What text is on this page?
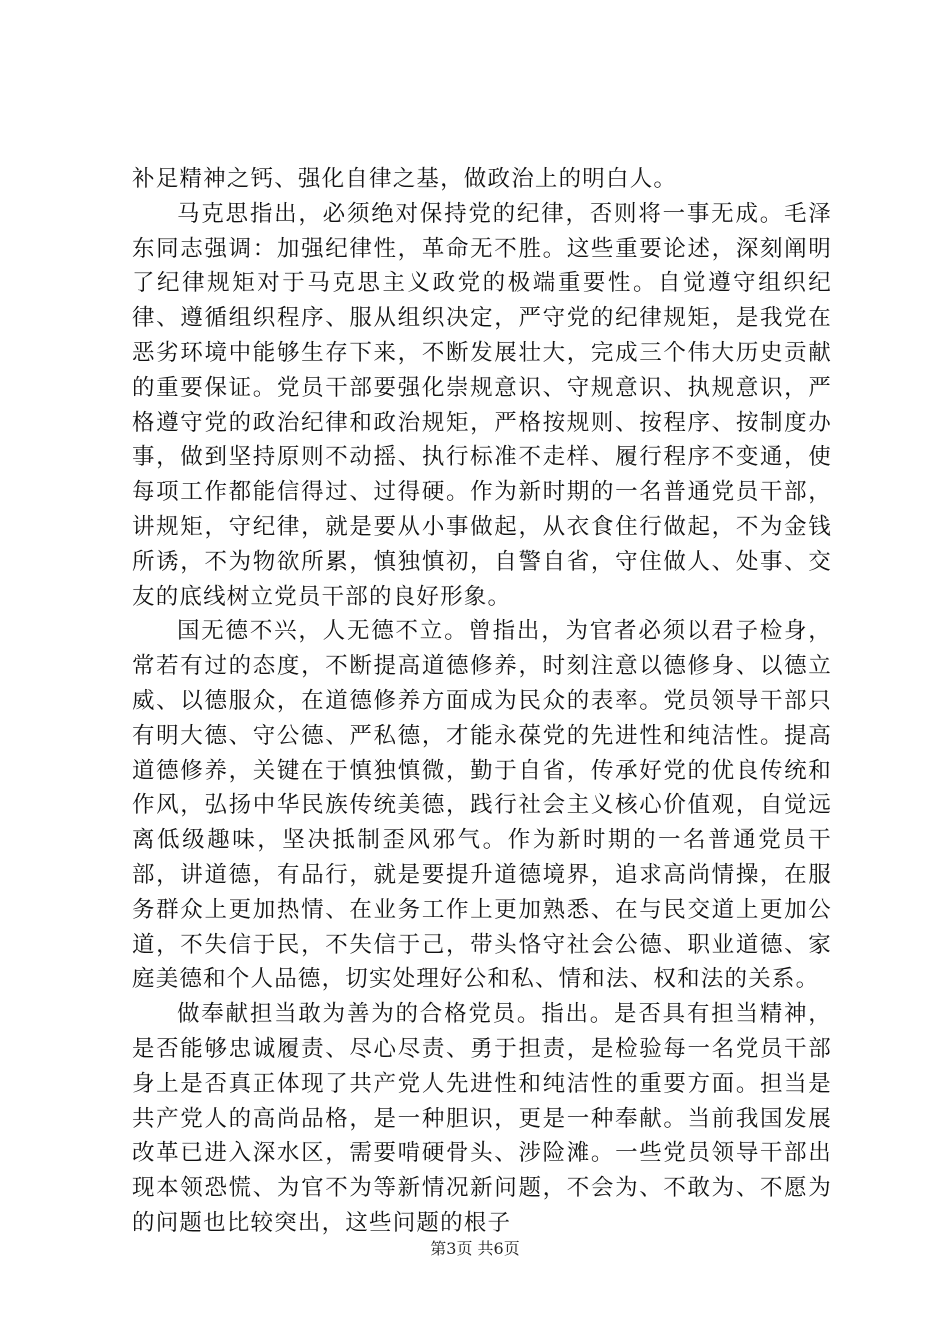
补足精神之钙、强化自律之基，做政治上的明白人。

马克思指出，必须绝对保持党的纪律，否则将一事无成。毛泽东同志强调：加强纪律性，革命无不胜。这些重要论述，深刻阐明了纪律规矩对于马克思主义政党的极端重要性。自觉遵守组织纪律、遵循组织程序、服从组织决定，严守党的纪律规矩，是我党在恶劣环境中能够生存下来，不断发展壮大，完成三个伟大历史贡献的重要保证。党员干部要强化崇规意识、守规意识、执规意识，严格遵守党的政治纪律和政治规矩，严格按规则、按程序、按制度办事，做到坚持原则不动摇、执行标准不走样、履行程序不变通，使每项工作都能信得过、过得硬。作为新时期的一名普通党员干部，讲规矩，守纪律，就是要从小事做起，从衣食住行做起，不为金钱所诱，不为物欲所累，慎独慎初，自警自省，守住做人、处事、交友的底线树立党员干部的良好形象。

国无德不兴，人无德不立。曾指出，为官者必须以君子检身，常若有过的态度，不断提高道德修养，时刻注意以德修身、以德立威、以德服众，在道德修养方面成为民众的表率。党员领导干部只有明大德、守公德、严私德，才能永葆党的先进性和纯洁性。提高道德修养，关键在于慎独慎微，勤于自省，传承好党的优良传统和作风，弘扬中华民族传统美德，践行社会主义核心价值观，自觉远离低级趣味，坚决抵制歪风邪气。作为新时期的一名普通党员干部，讲道德，有品行，就是要提升道德境界，追求高尚情操，在服务群众上更加热情、在业务工作上更加熟悉、在与民交道上更加公道，不失信于民，不失信于己，带头恪守社会公德、职业道德、家庭美德和个人品德，切实处理好公和私、情和法、权和法的关系。

做奉献担当敢为善为的合格党员。指出。是否具有担当精神，是否能够忠诚履责、尽心尽责、勇于担责，是检验每一名党员干部身上是否真正体现了共产党人先进性和纯洁性的重要方面。担当是共产党人的高尚品格，是一种胆识，更是一种奉献。当前我国发展改革已进入深水区，需要啃硬骨头、涉险滩。一些党员领导干部出现本领恐慌、为官不为等新情况新问题，不会为、不敢为、不愿为的问题也比较突出，这些问题的根子

第3页 共6页
